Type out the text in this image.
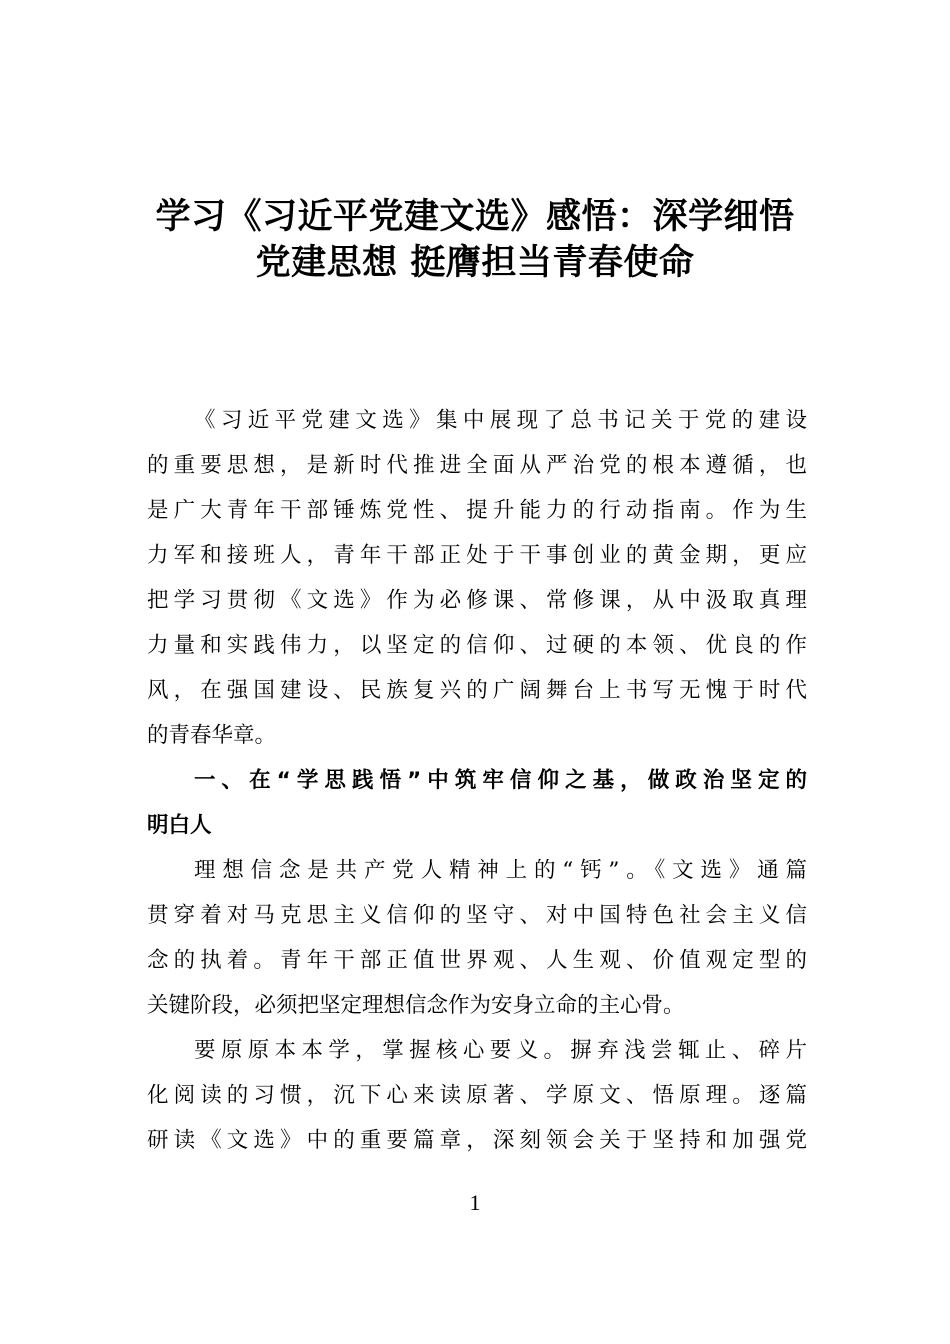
学习《习近平党建文选》感悟：深学细悟
党建思想 挺膺担当青春使命
《习近平党建文选》集中展现了总书记关于党的建设
的重要思想，是新时代推进全面从严治党的根本遵循，也
是广大青年干部锤炼党性、提升能力的行动指南。作为生
力军和接班人，青年干部正处于干事创业的黄金期，更应
把学习贯彻《文选》作为必修课、常修课，从中汲取真理
力量和实践伟力，以坚定的信仰、过硬的本领、优良的作
风，在强国建设、民族复兴的广阔舞台上书写无愧于时代
的青春华章。
一、在“学思践悟”中筑牢信仰之基，做政治坚定的
明白人
理想信念是共产党人精神上的“钙”。《文选》通篇
贯穿着对马克思主义信仰的坚守、对中国特色社会主义信
念的执着。青年干部正值世界观、人生观、价值观定型的
关键阶段，必须把坚定理想信念作为安身立命的主心骨。
要原原本本学，掌握核心要义。摒弃浅尝辄止、碎片
化阅读的习惯，沉下心来读原著、学原文、悟原理。逐篇
研读《文选》中的重要篇章，深刻领会关于坚持和加强党
1
